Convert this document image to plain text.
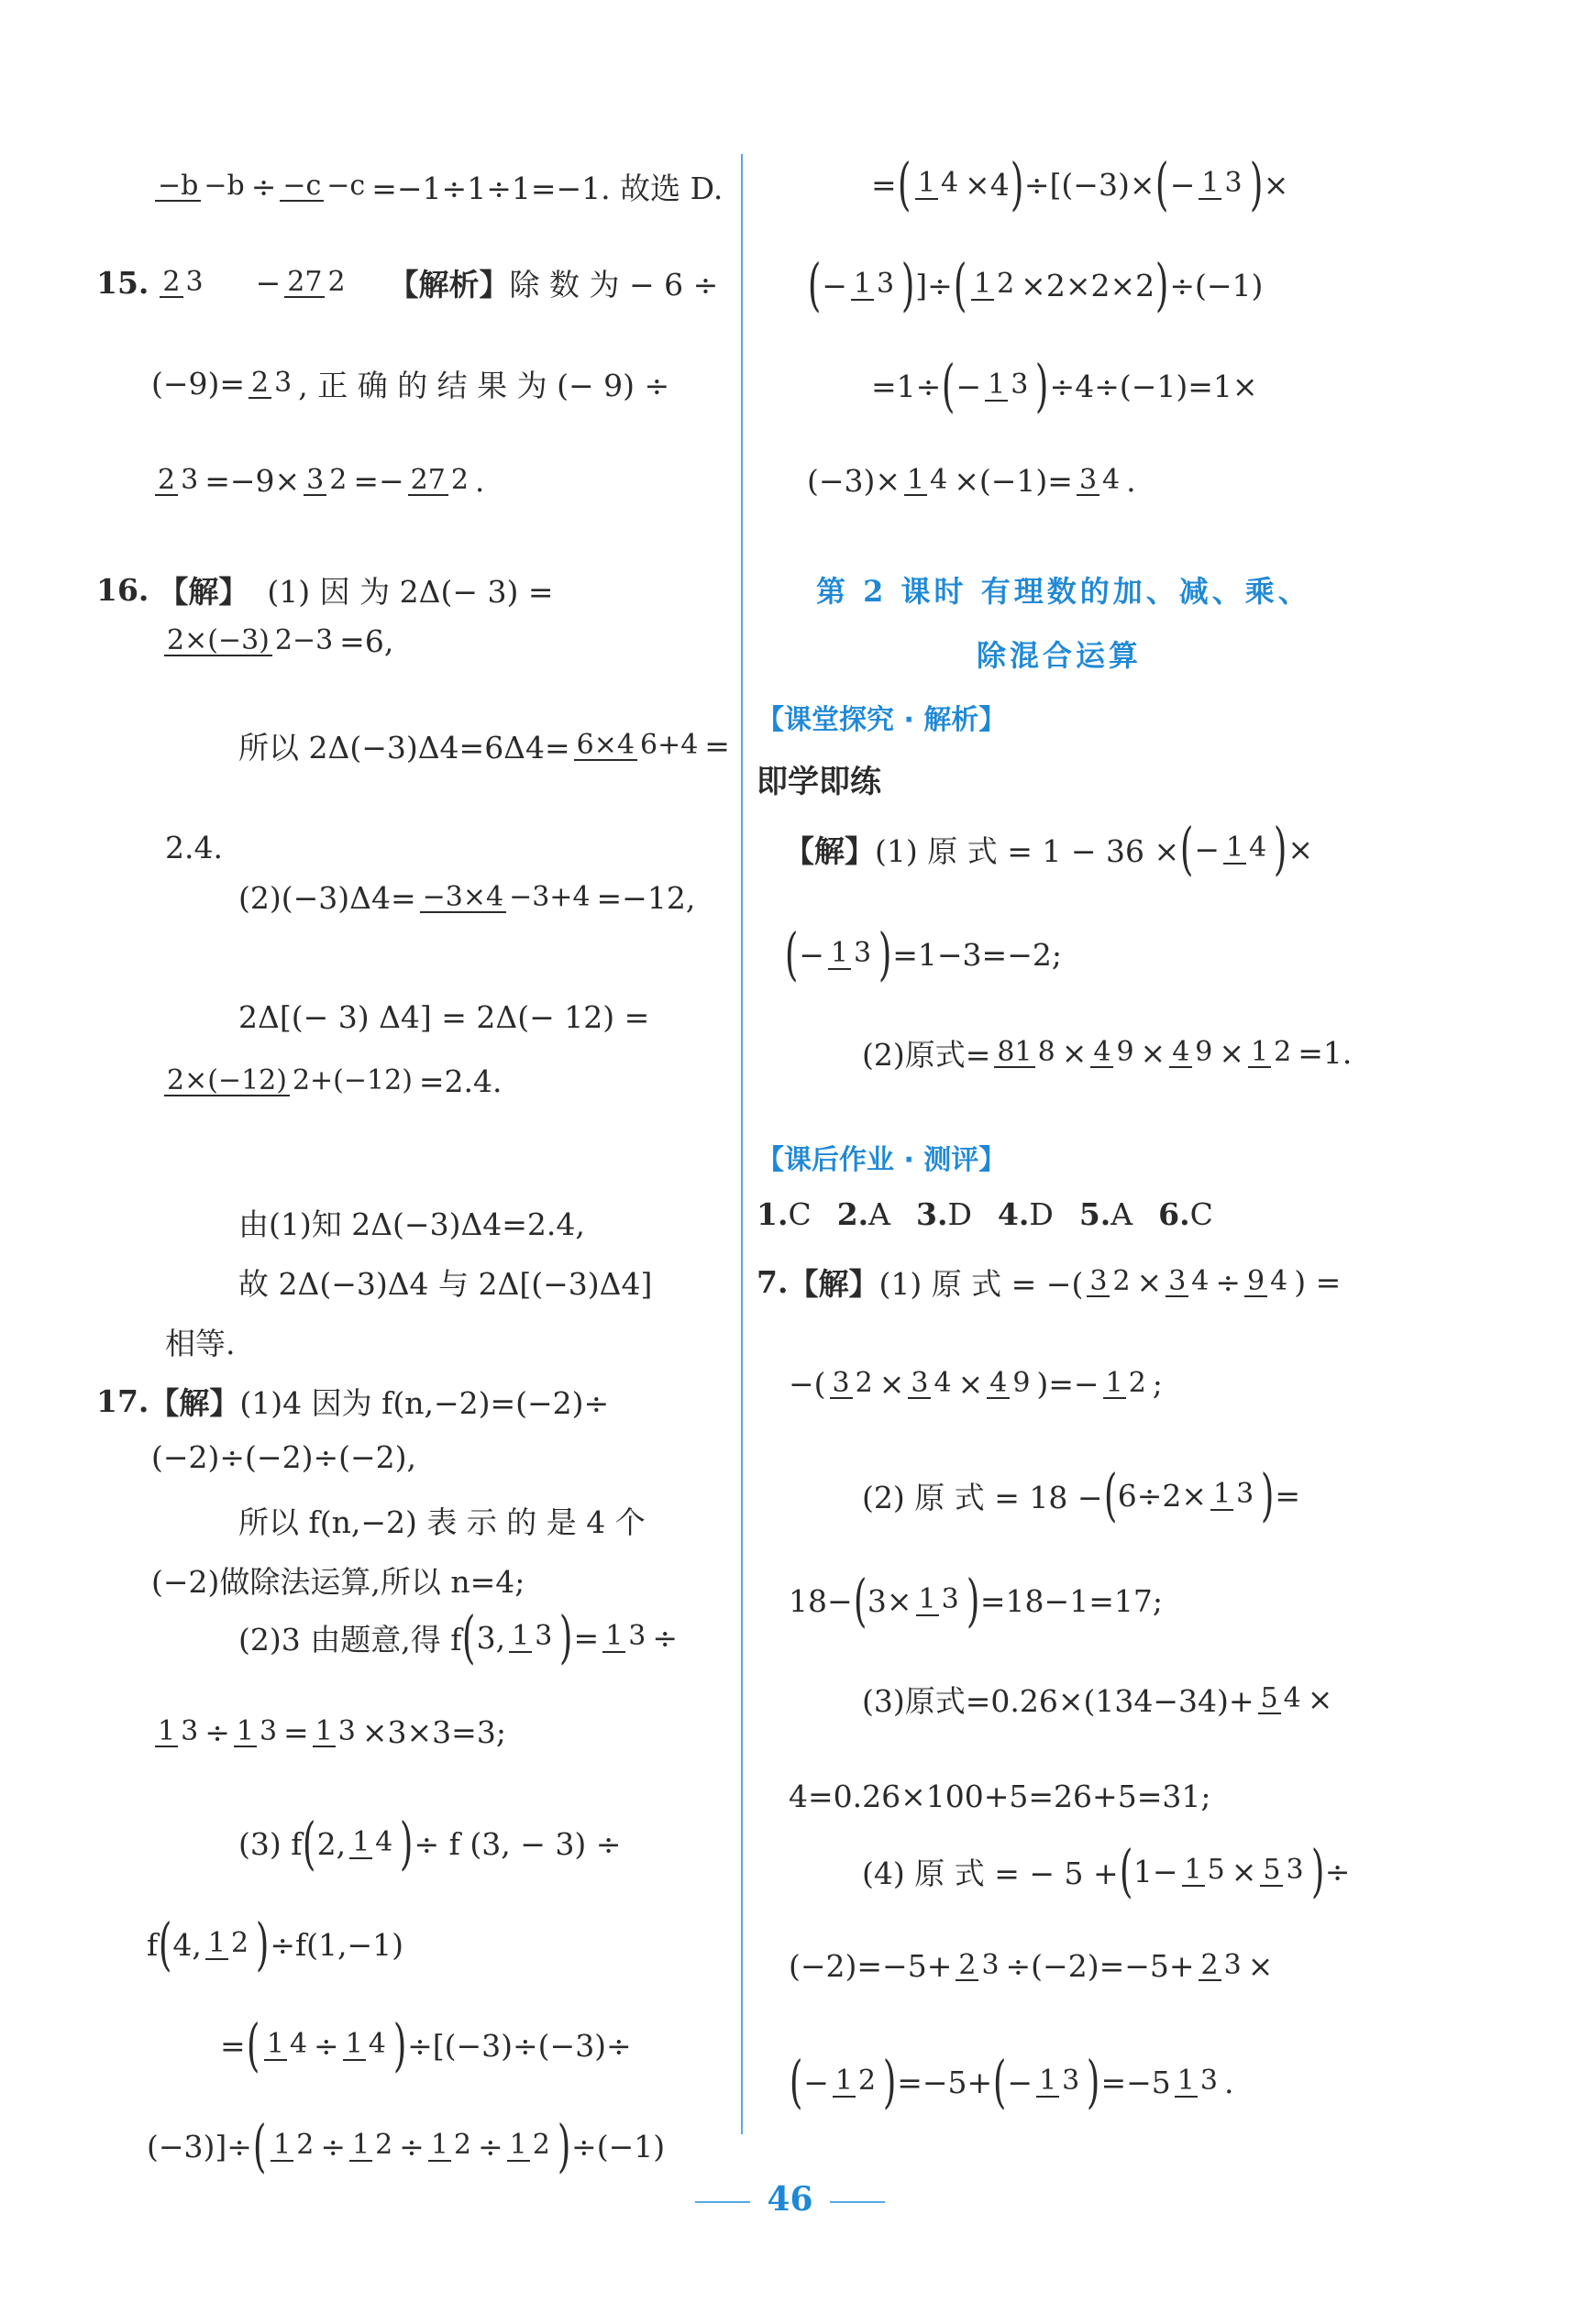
−b −b ÷ −c −c =−1÷1÷1=−1. 故选 D.
15. 2 3 − 27 2 【解析】 除 数 为 − 6 ÷
(−9)= 2 3 , 正 确 的 结 果 为 (− 9) ÷
2 3 =−9× 3 2 =− 27 2 .
16. 【解】 (1) 因 为 2Δ(− 3) =
2×(−3) 2−3 =6,
所以 2Δ(−3)Δ4=6Δ4= 6×4 6+4 =
2.4.
(2)(−3)Δ4= −3×4 −3+4 =−12,
2Δ[(− 3) Δ4] = 2Δ(− 12) =
2×(−12) 2+(−12) =2.4.
由(1)知 2Δ(−3)Δ4=2.4,
故 2Δ(−3)Δ4 与 2Δ[(−3)Δ4]
相等.
17. 【解】 (1)4 因为 f(n,−2)=(−2)÷
(−2)÷(−2)÷(−2),
所以 f(n,−2) 表 示 的 是 4 个
(−2)做除法运算,所以 n=4;
(2)3 由题意,得 f ( 3, 1 3 ) = 1 3 ÷
1 3 ÷ 1 3 = 1 3 ×3×3=3;
(3) f ( 2, 1 4 ) ÷ f (3, − 3) ÷
f ( 4, 1 2 ) ÷f(1,−1)
= ( 1 4 ÷ 1 4 ) ÷[(−3)÷(−3)÷
(−3)]÷ ( 1 2 ÷ 1 2 ÷ 1 2 ÷ 1 2 ) ÷(−1)
= ( 1 4 ×4 ) ÷ [(−3)× ( − 1 3 ) ×
( − 1 3 ) ]÷ ( 1 2 ×2×2×2 ) ÷(−1)
=1÷ ( − 1 3 ) ÷4÷(−1)=1×
(−3)× 1 4 ×(−1)= 3 4 .
第 2 课时 有理数的加、减、乘、
除混合运算
【课堂探究 · 解析】
即学即练
【解】 (1) 原 式 = 1 − 36 × ( − 1 4 ) ×
( − 1 3 ) =1−3=−2;
(2)原式= 81 8 × 4 9 × 4 9 × 1 2 =1.
【课后作业 · 测评】
1. C 2. A 3. D 4. D 5. A 6. C
7. 【解】 (1) 原 式 = −( 3 2 × 3 4 ÷ 9 4 ) =
−( 3 2 × 3 4 × 4 9 )=− 1 2 ;
(2) 原 式 = 18 − ( 6÷2× 1 3 ) =
18− ( 3× 1 3 ) =18−1=17;
(3)原式=0.26×(134−34)+ 5 4 ×
4=0.26×100+5=26+5=31;
(4) 原 式 = − 5 + ( 1− 1 5 × 5 3 ) ÷
(−2)=−5+ 2 3 ÷(−2)=−5+ 2 3 ×
( − 1 2 ) =−5+ ( − 1 3 ) =−5 1 3 .
46
